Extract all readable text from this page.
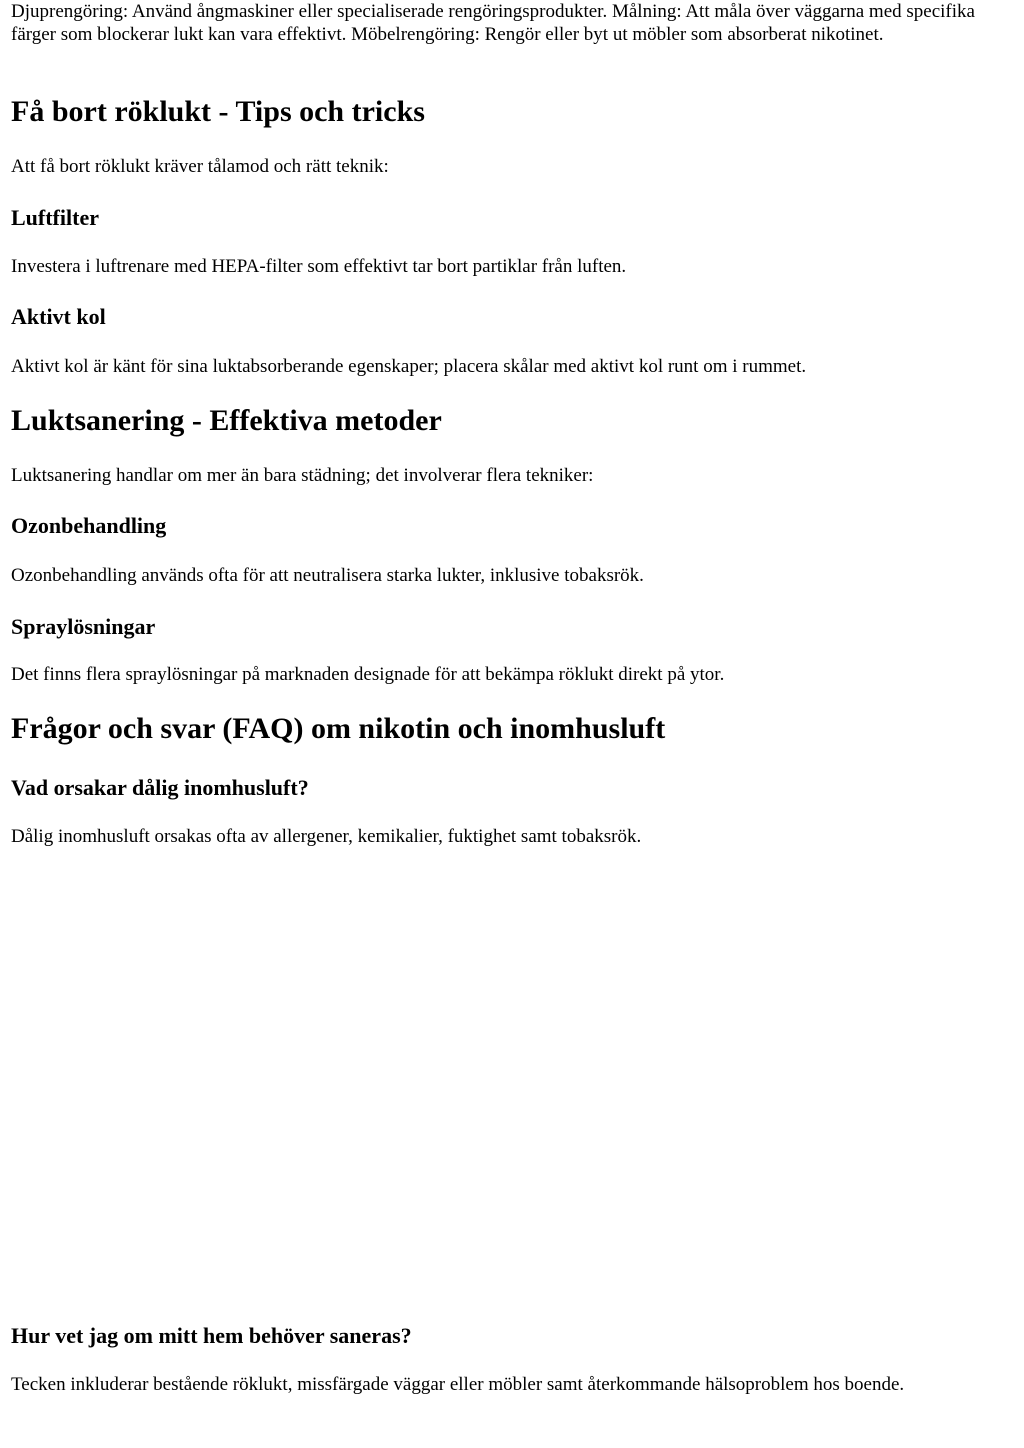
Djuprengöring: Använd ångmaskiner eller specialiserade rengöringsprodukter. Målning: Att måla över väggarna med specifika färger som blockerar lukt kan vara effektivt. Möbelrengöring: Rengör eller byt ut möbler som absorberat nikotinet.

Få bort röklukt - Tips och tricks

Att få bort röklukt kräver tålamod och rätt teknik:

Luftfilter

Investera i luftrenare med HEPA-filter som effektivt tar bort partiklar från luften.

Aktivt kol

Aktivt kol är känt för sina luktabsorberande egenskaper; placera skålar med aktivt kol runt om i rummet.

Luktsanering - Effektiva metoder

Luktsanering handlar om mer än bara städning; det involverar flera tekniker:

Ozonbehandling

Ozonbehandling används ofta för att neutralisera starka lukter, inklusive tobaksrök.

Spraylösningar

Det finns flera spraylösningar på marknaden designade för att bekämpa röklukt direkt på ytor.

Frågor och svar (FAQ) om nikotin och inomhusluft
Vad orsakar dålig inomhusluft?

Dålig inomhusluft orsakas ofta av allergener, kemikalier, fuktighet samt tobaksrök.

Hur vet jag om mitt hem behöver saneras?

Tecken inkluderar bestående röklukt, missfärgade väggar eller möbler samt återkommande hälsoproblem hos boende.
